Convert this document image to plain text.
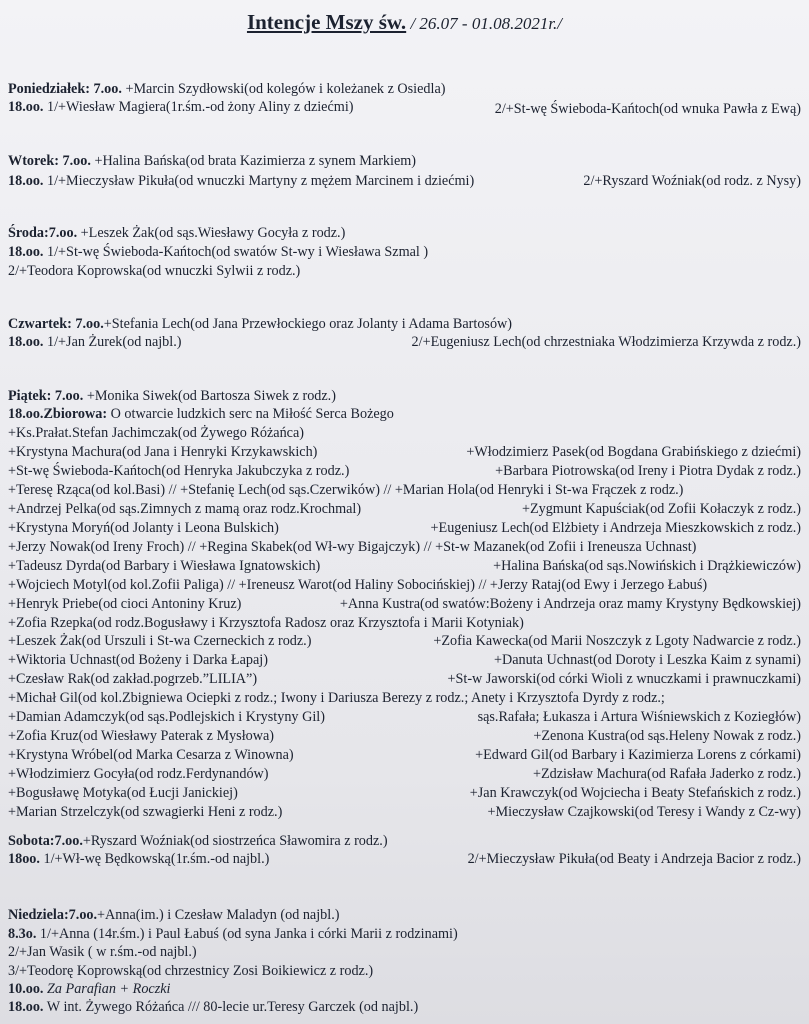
Intencje Mszy św. / 26.07 - 01.08.2021r./
Poniedziałek: 7.oo. +Marcin Szydłowski(od kolegów i koleżanek z Osiedla)
18.oo. 1/+Wiesław Magiera(1r.śm.-od żony Aliny z dziećmi)	2/+St-wę Świeboda-Kańtoch(od wnuka Pawła z Ewą)
Wtorek: 7.oo. +Halina Bańska(od brata Kazimierza z synem Markiem)
18.oo. 1/+Mieczysław Pikuła(od wnuczki Martyny z mężem Marcinem i dziećmi)	2/+Ryszard Woźniak(od rodz. z Nysy)
Środa:7.oo. +Leszek Żak(od sąs.Wiesławy Gocyła z rodz.)
18.oo. 1/+St-wę Świeboda-Kańtoch(od swatów St-wy i Wiesława Szmal )
2/+Teodora Koprowska(od wnuczki Sylwii z rodz.)
Czwartek: 7.oo.+Stefania Lech(od Jana Przewłockiego oraz Jolanty i Adama Bartosów)
18.oo. 1/+Jan Żurek(od najbl.)	2/+Eugeniusz Lech(od chrzestniaka Włodzimierza Krzywda z rodz.)
Piątek: 7.oo. +Monika Siwek(od Bartosza Siwek z rodz.)
18.oo.Zbiorowa: O otwarcie ludzkich serc na Miłość Serca Bożego
+Ks.Prałat.Stefan Jachimczak(od Żywego Różańca)
+Krystyna Machura(od Jana i Henryki Krzykawskich)	+Włodzimierz Pasek(od Bogdana Grabińskiego z dziećmi)
+St-wę Świeboda-Kańtoch(od Henryka Jakubczyka z rodz.)	+Barbara Piotrowska(od Ireny i Piotra Dydak z rodz.)
+Teresę Rząca(od kol.Basi) // +Stefanię Lech(od sąs.Czerwików) // +Marian Hola(od Henryki i St-wa Frączek z rodz.)
+Andrzej Pelka(od sąs.Zimnych z mamą oraz rodz.Krochmal)	+Zygmunt Kapuściak(od Zofii Kołaczyk z rodz.)
+Krystyna Moryń(od Jolanty i Leona Bulskich)	+Eugeniusz Lech(od Elżbiety i Andrzeja Mieszkowskich z rodz.)
+Jerzy Nowak(od Ireny Froch) // +Regina Skabek(od Wł-wy Bigajczyk) // +St-w Mazanek(od Zofii i Ireneusza Uchnast)
+Tadeusz Dyrda(od Barbary i Wiesława Ignatowskich)	+Halina Bańska(od sąs.Nowińskich i Drążkiewiczów)
+Wojciech Motyl(od kol.Zofii Paliga) // +Ireneusz Warot(od Haliny Sobocińskiej) // +Jerzy Rataj(od Ewy i Jerzego Łabuś)
+Henryk Priebe(od cioci Antoniny Kruz)	+Anna Kustra(od swatów:Bożeny i Andrzeja oraz mamy Krystyny Będkowskiej)
+Zofia Rzepka(od rodz.Bogusławy i Krzysztofa Radosz oraz Krzysztofa i Marii Kotyniak)
+Leszek Żak(od Urszuli i St-wa Czerneckich z rodz.)	+Zofia Kawecka(od Marii Noszczyk z Lgoty Nadwarcie z rodz.)
+Wiktoria Uchnast(od Bożeny i Darka Łapaj)	+Danuta Uchnast(od Doroty i Leszka Kaim z synami)
+Czesław Rak(od zakład.pogrzeb.”LILIA”)	+St-w Jaworski(od córki Wioli z wnuczkami i prawnuczkami)
+Michał Gil(od kol.Zbigniewa Ociepki z rodz.; Iwony i Dariusza Berezy z rodz.; Anety i Krzysztofa Dyrdy z rodz.;
+Damian Adamczyk(od sąs.Podlejskich i Krystyny Gil)	sąs.Rafała; Łukasza i Artura Wiśniewskich z Koziegłów)
+Zofia Kruz(od Wiesławy Paterak z Mysłowa)	+Zenona Kustra(od sąs.Heleny Nowak z rodz.)
+Krystyna Wróbel(od Marka Cesarza z Winowna)	+Edward Gil(od Barbary i Kazimierza Lorens z córkami)
+Włodzimierz Gocyła(od rodz.Ferdynandów)	+Zdzisław Machura(od Rafała Jaderko z rodz.)
+Bogusławę Motyka(od Łucji Janickiej)	+Jan Krawczyk(od Wojciecha i Beaty Stefańskich z rodz.)
+Marian Strzelczyk(od szwagierki Heni z rodz.)	+Mieczysław Czajkowski(od Teresy i Wandy z Cz-wy)
Sobota:7.oo.+Ryszard Woźniak(od siostrzeńca Sławomira z rodz.)
18oo. 1/+Wł-wę Będkowską(1r.śm.-od najbl.)	2/+Mieczysław Pikuła(od Beaty i Andrzeja Bacior z rodz.)
Niedziela:7.oo.+Anna(im.) i Czesław Maladyn (od najbl.)
8.3o. 1/+Anna (14r.śm.) i Paul Łabuś (od syna Janka i córki Marii z rodzinami)
2/+Jan Wasik ( w r.śm.-od najbl.)
3/+Teodorę Koprowską(od chrzestnicy Zosi Boikiewicz z rodz.)
10.oo. Za Parafian + Roczki
18.oo. W int. Żywego Różańca /// 80-lecie ur.Teresy Garczek (od najbl.)
